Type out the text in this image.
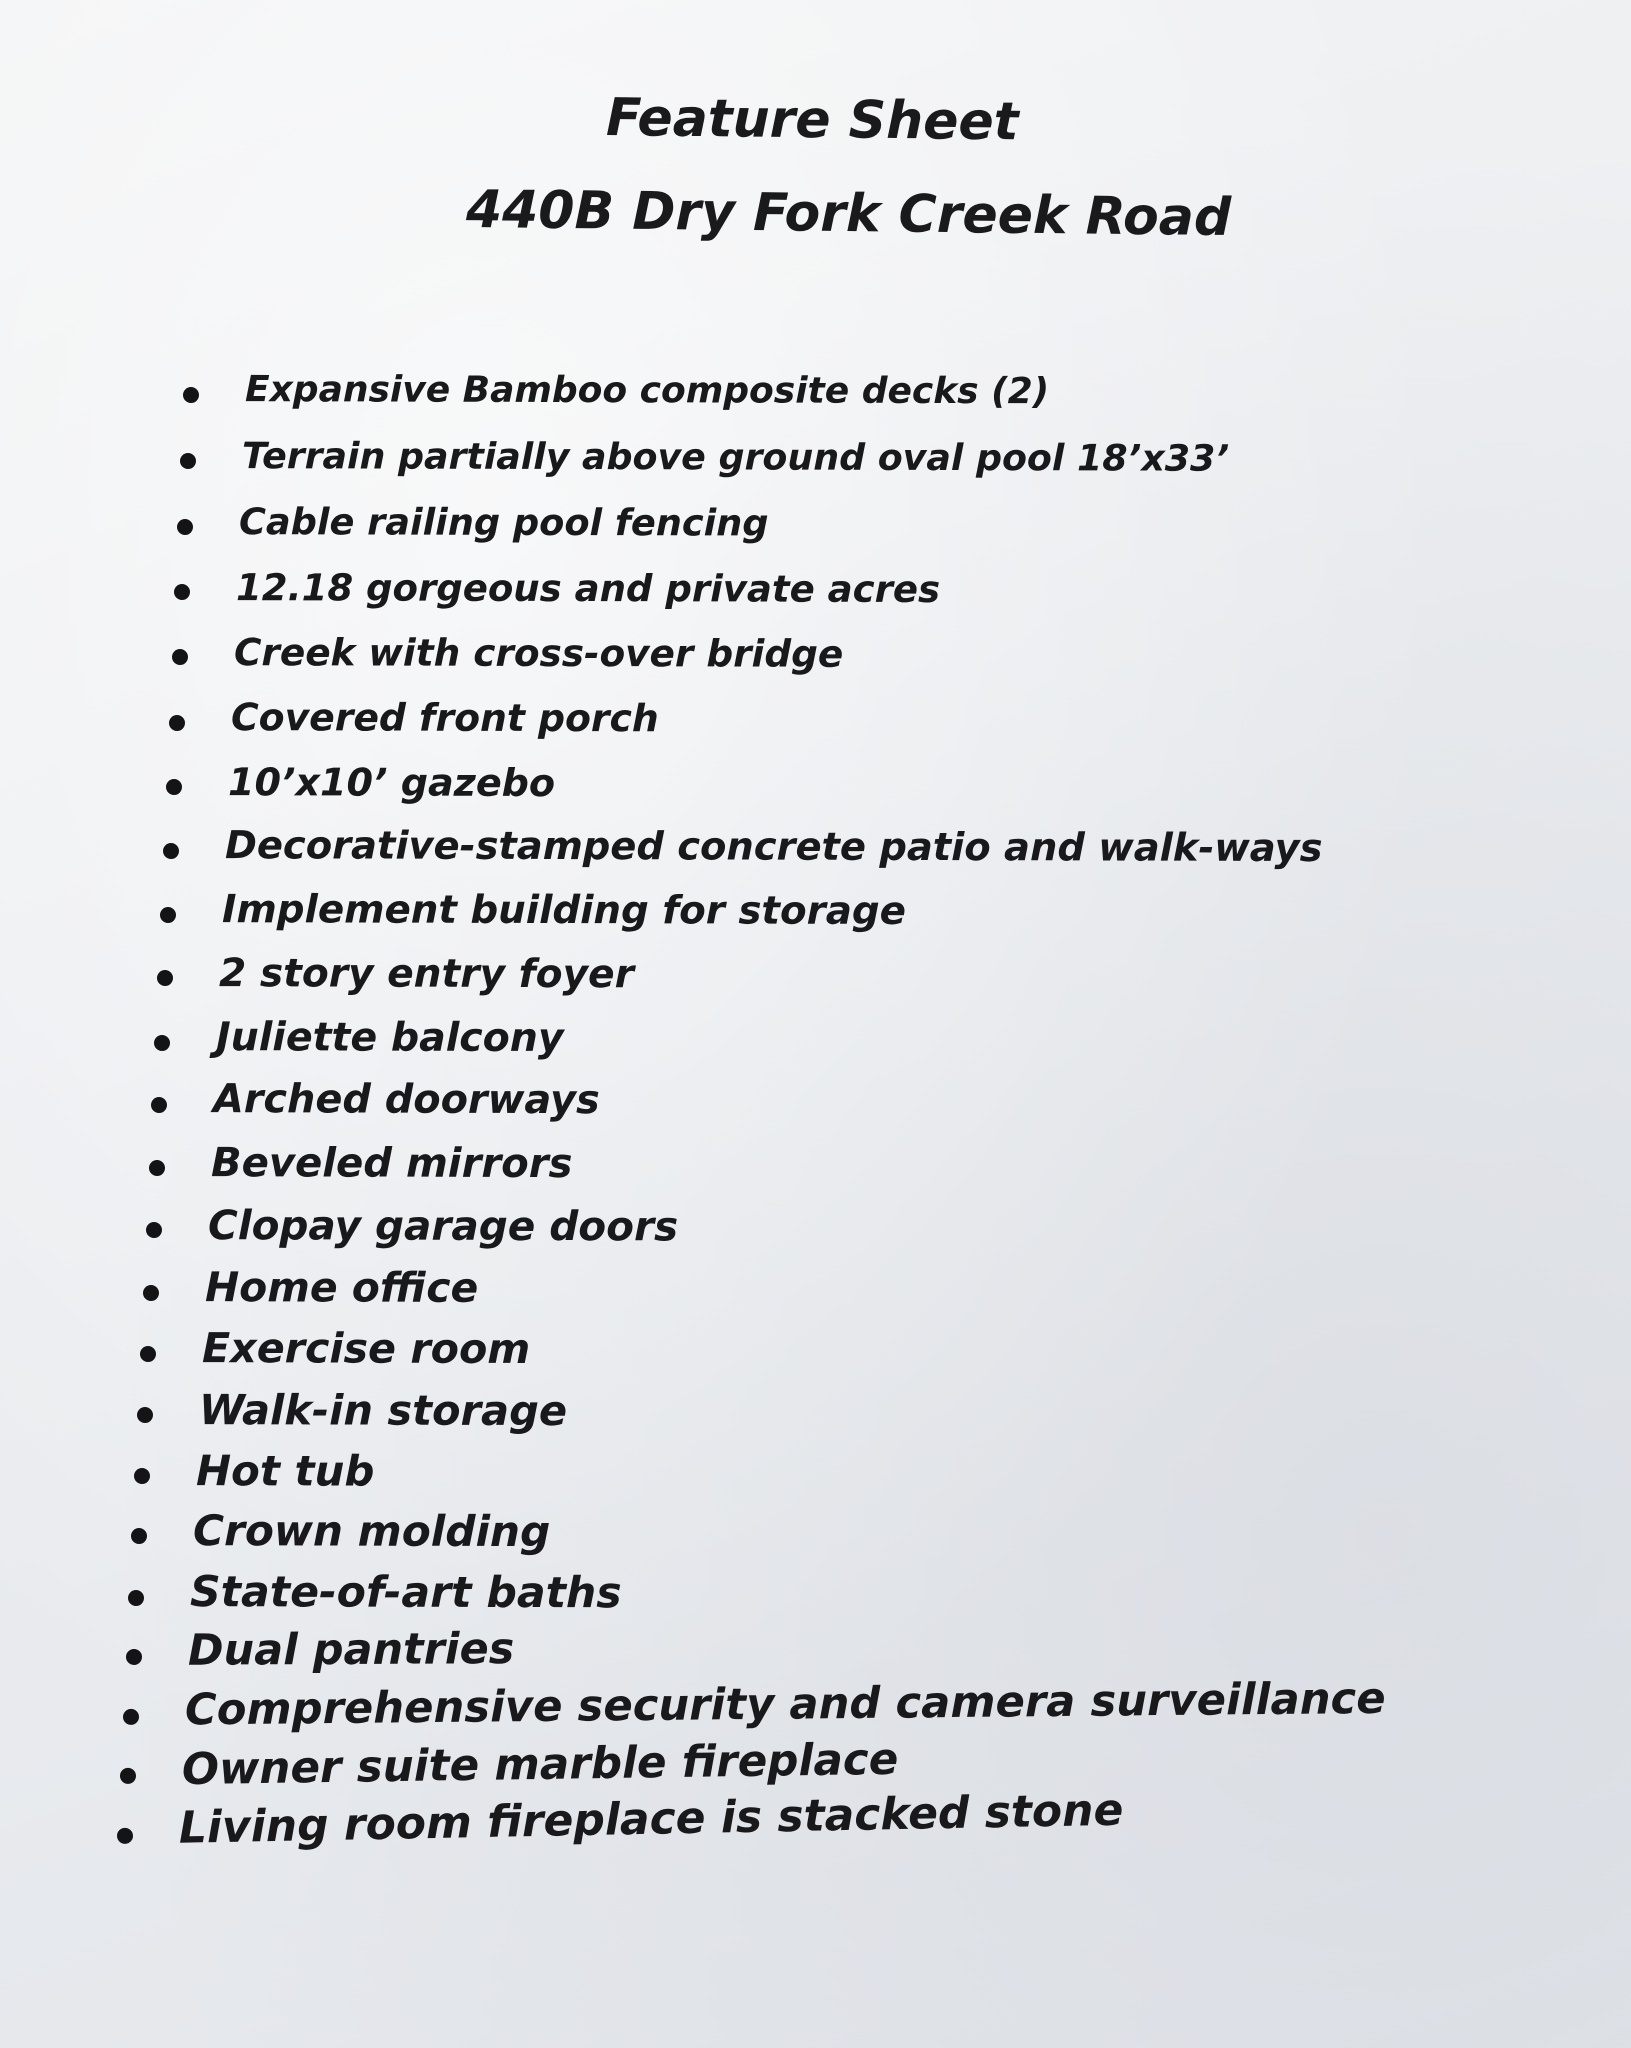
Feature Sheet
440B Dry Fork Creek Road
Expansive Bamboo composite decks (2)
Terrain partially above ground oval pool 18’x33’
Cable railing pool fencing
12.18 gorgeous and private acres
Creek with cross-over bridge
Covered front porch
10’x10’ gazebo
Decorative-stamped concrete patio and walk-ways
Implement building for storage
2 story entry foyer
Juliette balcony
Arched doorways
Beveled mirrors
Clopay garage doors
Home office
Exercise room
Walk-in storage
Hot tub
Crown molding
State-of-art baths
Dual pantries
Comprehensive security and camera surveillance
Owner suite marble fireplace
Living room fireplace is stacked stone
